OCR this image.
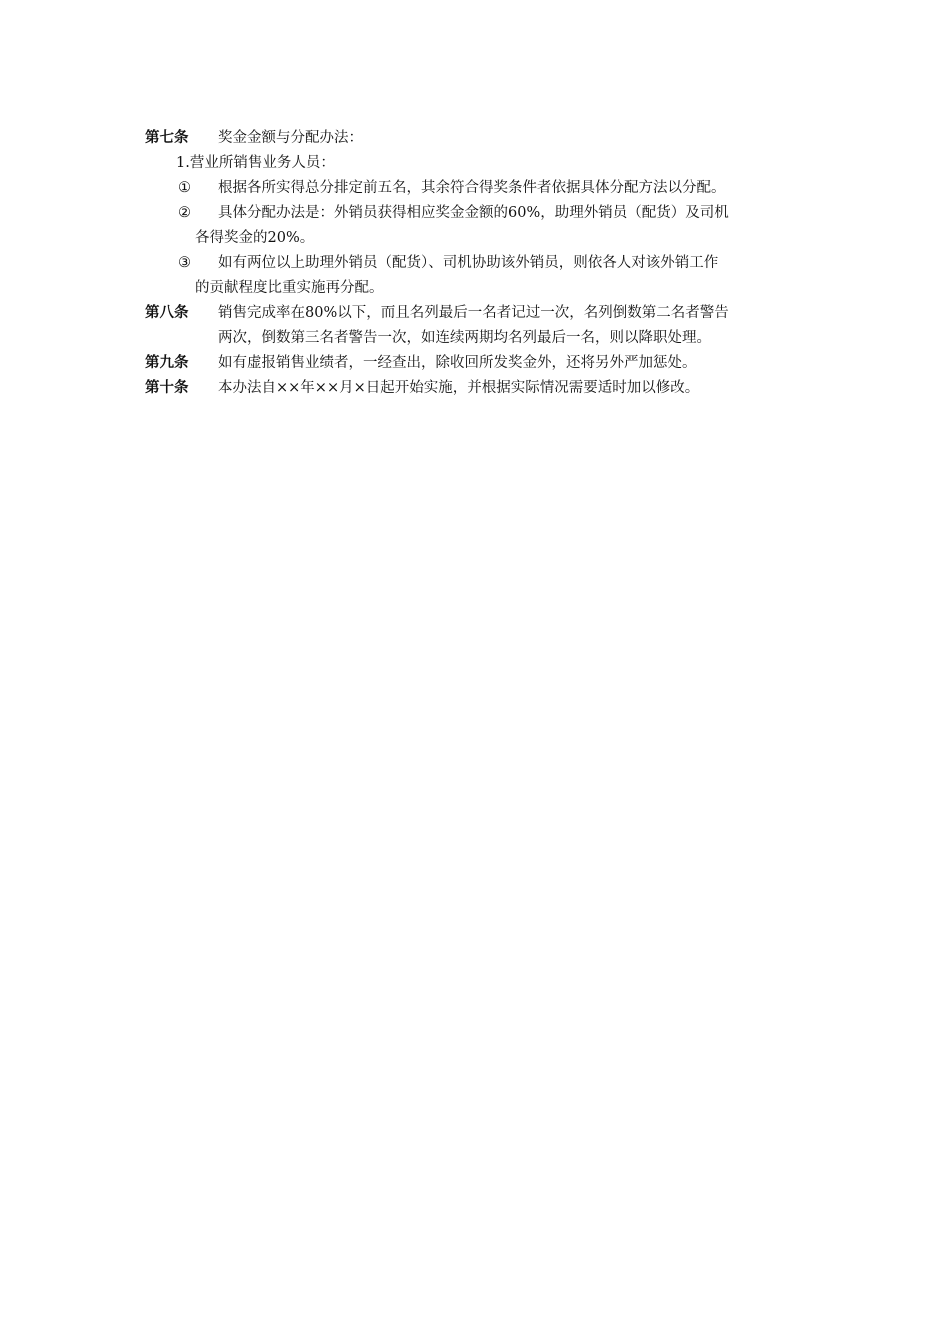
第七条 奖金金额与分配办法：
1.营业所销售业务人员：
① 根据各所实得总分排定前五名，其余符合得奖条件者依据具体分配方法以分配。
② 具体分配办法是：外销员获得相应奖金金额的60%，助理外销员（配货）及司机
各得奖金的20%。
③ 如有两位以上助理外销员（配货）、司机协助该外销员，则依各人对该外销工作
的贡献程度比重实施再分配。
第八条 销售完成率在80%以下，而且名列最后一名者记过一次，名列倒数第二名者警告
两次，倒数第三名者警告一次，如连续两期均名列最后一名，则以降职处理。
第九条 如有虚报销售业绩者，一经查出，除收回所发奖金外，还将另外严加惩处。
第十条 本办法自××年××月×日起开始实施，并根据实际情况需要适时加以修改。
